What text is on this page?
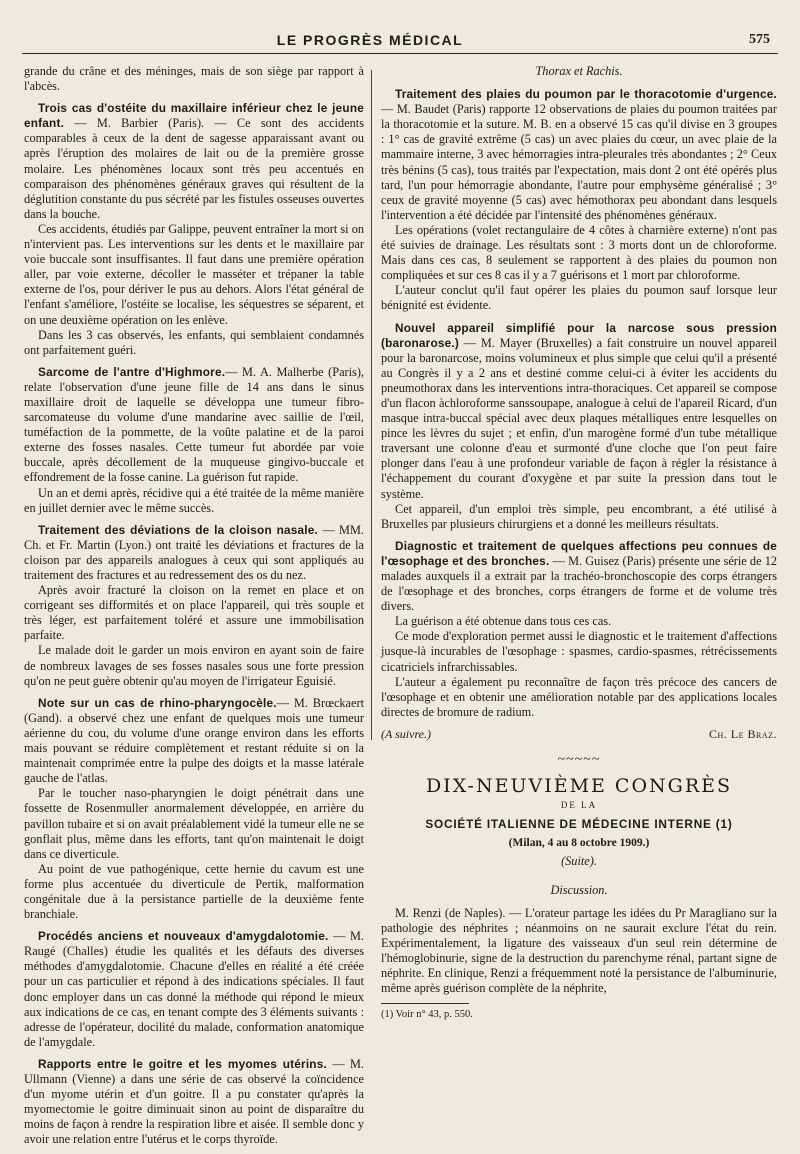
LE PROGRÈS MÉDICAL	575

grande du crâne et des méninges, mais de son siège par rapport à l'abcès.

Trois cas d'ostéite du maxillaire inférieur chez le jeune enfant. — M. Barbier (Paris). — Ce sont des accidents comparables à ceux de la dent de sagesse apparaissant avant ou après l'éruption des molaires de lait ou de la première grosse molaire. Les phénomènes locaux sont très peu accentués en comparaison des phénomènes généraux graves qui résultent de la déglutition constante du pus sécrété par les fistules osseuses ouvertes dans la bouche.

Ces accidents, étudiés par Galippe, peuvent entraîner la mort si on n'intervient pas. Les interventions sur les dents et le maxillaire par voie buccale sont insuffisantes. Il faut dans une première opération aller, par voie externe, décoller le masséter et trépaner la table externe de l'os, pour dériver le pus au dehors. Alors l'état général de l'enfant s'améliore, l'ostéite se localise, les séquestres se séparent, et on une deuxième opération on les enlève.

Dans les 3 cas observés, les enfants, qui semblaient condamnés ont parfaitement guéri.

Sarcome de l'antre d'Highmore.— M. A. Malherbe (Paris), relate l'observation d'une jeune fille de 14 ans dans le sinus maxillaire droit de laquelle se développa une tumeur fibro-sarcomateuse du volume d'une mandarine avec saillie de l'œil, tuméfaction de la pommette, de la voûte palatine et de la paroi externe des fosses nasales. Cette tumeur fut abordée par voie buccale, après décollement de la muqueuse gingivo-buccale et effondrement de la fosse canine. La guérison fut rapide.

Un an et demi après, récidive qui a été traitée de la même manière en juillet dernier avec le même succès.

Traitement des déviations de la cloison nasale. — MM. Ch. et Fr. Martin (Lyon.) ont traité les déviations et fractures de la cloison par des appareils analogues à ceux qui sont appliqués au traitement des fractures et au redressement des os du nez.

Après avoir fracturé la cloison on la remet en place et on corrigeant ses difformités et on place l'appareil, qui très souple et très léger, est parfaitement toléré et assure une immobilisation parfaite.

Le malade doit le garder un mois environ en ayant soin de faire de nombreux lavages de ses fosses nasales sous une forte pression qu'on ne peut guère obtenir qu'au moyen de l'irrigateur Eguisié.

Note sur un cas de rhino-pharyngocèle.— M. Brœckaert (Gand). a observé chez une enfant de quelques mois une tumeur aérienne du cou, du volume d'une orange environ dans les efforts mais pouvant se réduire complètement et restant réduite si on la maintenait comprimée entre la pulpe des doigts et la masse latérale gauche de l'atlas.

Par le toucher naso-pharyngien le doigt pénétrait dans une fossette de Rosenmuller anormalement développée, en arrière du pavillon tubaire et si on avait préalablement vidé la tumeur elle ne se gonflait plus, même dans les efforts, tant qu'on maintenait le doigt dans ce diverticule.

Au point de vue pathogénique, cette hernie du cavum est une forme plus accentuée du diverticule de Pertik, malformation congénitale due à la persistance partielle de la deuxième fente branchiale.

Procédés anciens et nouveaux d'amygdalotomie. — M. Raugé (Challes) étudie les qualités et les défauts des diverses méthodes d'amygdalotomie. Chacune d'elles en réalité a été créée pour un cas particulier et répond à des indications spéciales. Il faut donc employer dans un cas donné la méthode qui répond le mieux aux indications de ce cas, en tenant compte des 3 éléments suivants : adresse de l'opérateur, docilité du malade, conformation anatomique de l'amygdale.

Rapports entre le goitre et les myomes utérins. — M. Ullmann (Vienne) a dans une série de cas observé la coïncidence d'un myome utérin et d'un goitre. Il a pu constater qu'après la myomectomie le goitre diminuait sinon au point de disparaître du moins de façon à rendre la respiration libre et aisée. Il semble donc y avoir une relation entre l'utérus et le corps thyroïde.

Thorax et Rachis.

Traitement des plaies du poumon par le thoracotomie d'urgence. — M. Baudet (Paris) rapporte 12 observations de plaies du poumon traitées par la thoracotomie et la suture. M. B. en a observé 15 cas qu'il divise en 3 groupes : 1° cas de gravité extrême (5 cas) un avec plaies du cœur, un avec plaie de la mammaire interne, 3 avec hémorragies intra-pleurales très abondantes ; 2° Ceux très bénins (5 cas), tous traités par l'expectation, mais dont 2 ont été opérés plus tard, l'un pour hémorragie abondante, l'autre pour emphysème généralisé ; 3° ceux de gravité moyenne (5 cas) avec hémothorax peu abondant dans lesquels l'intervention a été décidée par l'intensité des phénomènes généraux.

Les opérations (volet rectangulaire de 4 côtes à charnière externe) n'ont pas été suivies de drainage. Les résultats sont : 3 morts dont un de chloroforme. Mais dans ces cas, 8 seulement se rapportent à des plaies du poumon non compliquées et sur ces 8 cas il y a 7 guérisons et 1 mort par chloroforme.

L'auteur conclut qu'il faut opérer les plaies du poumon sauf lorsque leur bénignité est évidente.

Nouvel appareil simplifié pour la narcose sous pression (baronarose.) — M. Mayer (Bruxelles) a fait construire un nouvel appareil pour la baronarcose, moins volumineux et plus simple que celui qu'il a présenté au Congrès il y a 2 ans et destiné comme celui-ci à éviter les accidents du pneumothorax dans les interventions intra-thoraciques. Cet appareil se compose d'un flacon àchloroforme sanssoupape, analogue à celui de l'apareil Ricard, d'un masque intra-buccal spécial avec deux plaques métalliques entre lesquelles on pince les lèvres du sujet ; et enfin, d'un marogène formé d'un tube métallique traversant une colonne d'eau et surmonté d'une cloche que l'on peut faire plonger dans l'eau à une profondeur variable de façon à régler la résistance à l'échappement du courant d'oxygène et par suite la pression dans tout le système.

Cet appareil, d'un emploi très simple, peu encombrant, a été utilisé à Bruxelles par plusieurs chirurgiens et a donné les meilleurs résultats.

Diagnostic et traitement de quelques affections peu connues de l'œsophage et des bronches. — M. Guisez (Paris) présente une série de 12 malades auxquels il a extrait par la trachéo-bronchoscopie des corps étrangers de l'œsophage et des bronches, corps étrangers de forme et de volume très divers.

La guérison a été obtenue dans tous ces cas.

Ce mode d'exploration permet aussi le diagnostic et le traitement d'affections jusque-là incurables de l'œsophage : spasmes, cardio-spasmes, rétrécissements cicatriciels infrarchissables.

L'auteur a également pu reconnaître de façon très précoce des cancers de l'œsophage et en obtenir une amélioration notable par des applications locales directes de bromure de radium.

(A suivre.)	Ch. Le Braz.
~~~~~
DIX-NEUVIÈME CONGRÈS
DE LA
SOCIÉTÉ ITALIENNE DE MÉDECINE INTERNE (1)
(Milan, 4 au 8 octobre 1909.)
(Suite).
Discussion.

M. Renzi (de Naples). — L'orateur partage les idées du Pr Maragliano sur la pathologie des néphrites ; néanmoins on ne saurait exclure l'état du rein. Expérimentalement, la ligature des vaisseaux d'un seul rein détermine de l'hémoglobinurie, signe de la destruction du parenchyme rénal, partant signe de néphrite. En clinique, Renzi a fréquemment noté la persistance de l'albuminurie, même après guérison complète de la néphrite,

(1) Voir n° 43, p. 550.
